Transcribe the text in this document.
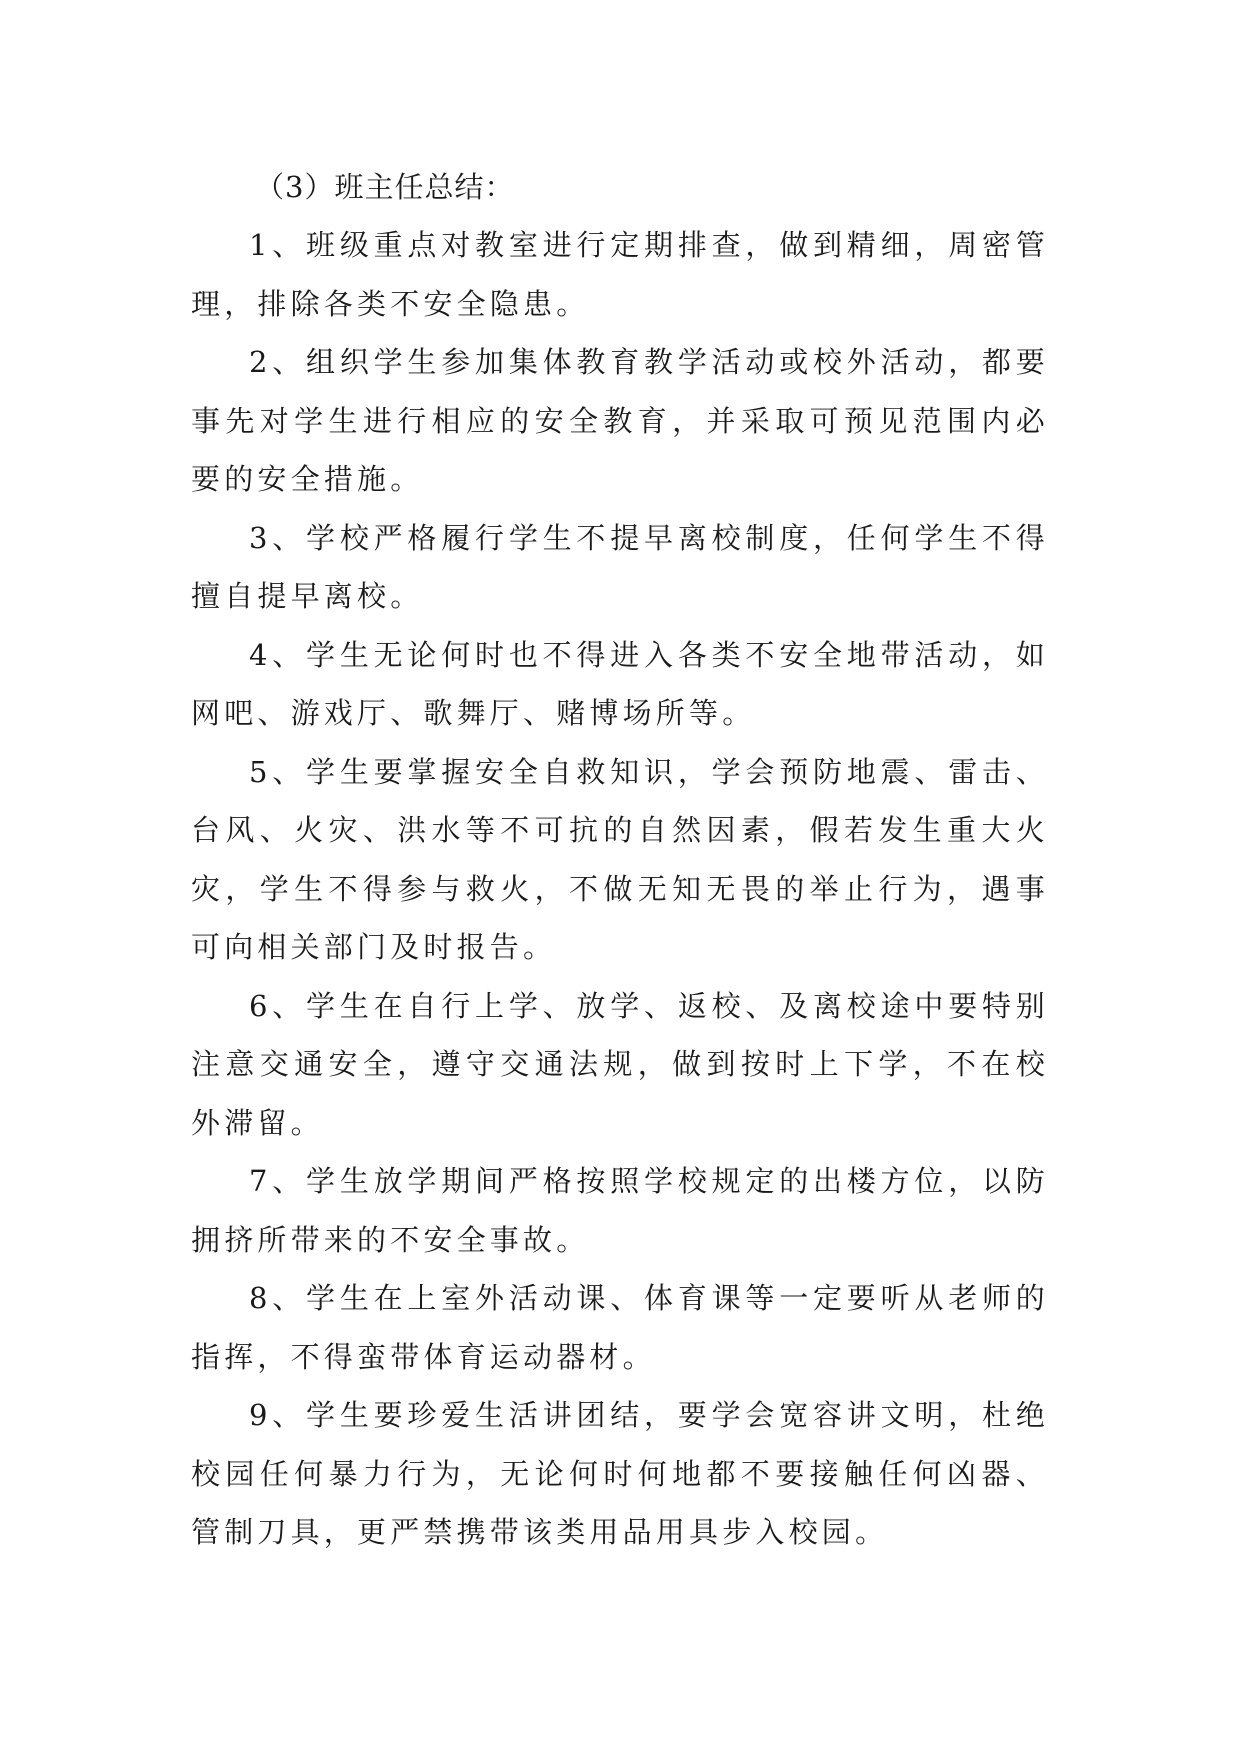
（3）班主任总结：

1、班级重点对教室进行定期排查，做到精细，周密管理，排除各类不安全隐患。

2、组织学生参加集体教育教学活动或校外活动，都要事先对学生进行相应的安全教育，并采取可预见范围内必要的安全措施。

3、学校严格履行学生不提早离校制度，任何学生不得擅自提早离校。

4、学生无论何时也不得进入各类不安全地带活动，如网吧、游戏厅、歌舞厅、赌博场所等。

5、学生要掌握安全自救知识，学会预防地震、雷击、台风、火灾、洪水等不可抗的自然因素，假若发生重大火灾，学生不得参与救火，不做无知无畏的举止行为，遇事可向相关部门及时报告。

6、学生在自行上学、放学、返校、及离校途中要特别注意交通安全，遵守交通法规，做到按时上下学，不在校外滞留。

7、学生放学期间严格按照学校规定的出楼方位，以防拥挤所带来的不安全事故。

8、学生在上室外活动课、体育课等一定要听从老师的指挥，不得蛮带体育运动器材。

9、学生要珍爱生活讲团结，要学会宽容讲文明，杜绝校园任何暴力行为，无论何时何地都不要接触任何凶器、管制刀具，更严禁携带该类用品用具步入校园。
